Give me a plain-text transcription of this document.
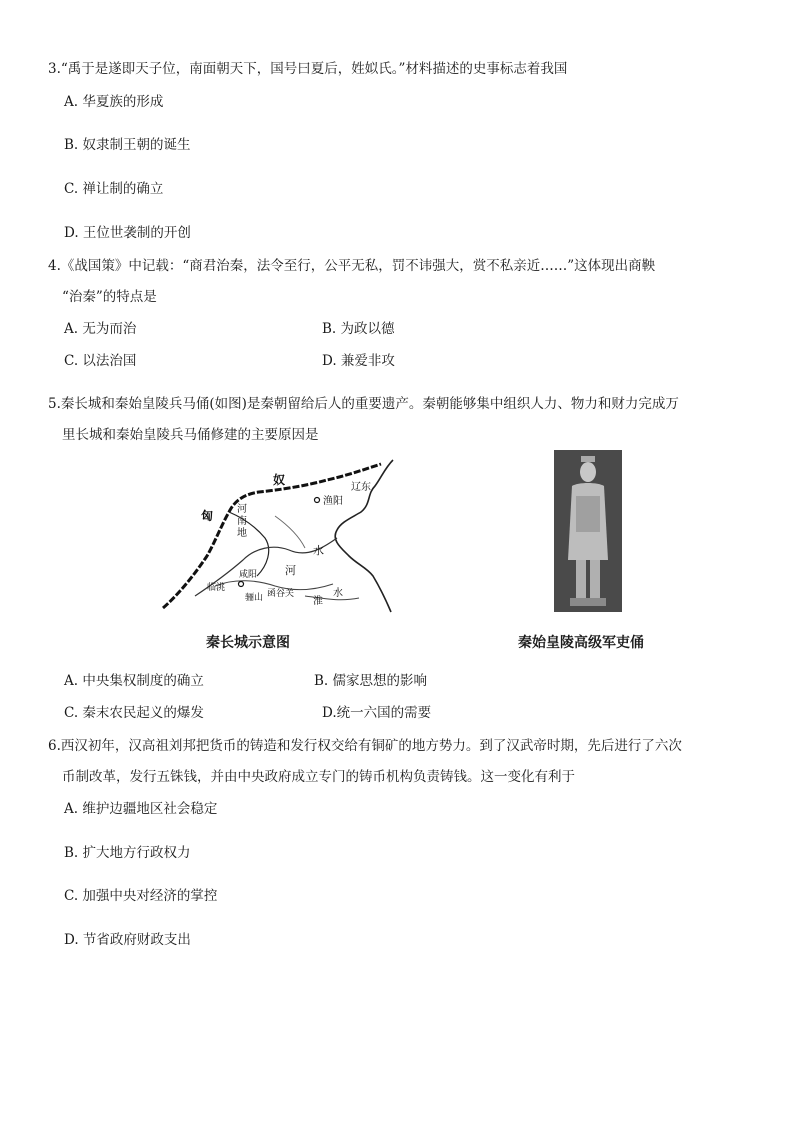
3.“禹于是遂即天子位，南面朝天下，国号曰夏后，姓姒氏。”材料描述的史事标志着我国
A. 华夏族的形成
B. 奴隶制王朝的诞生
C. 禅让制的确立
D. 王位世袭制的开创
4.《战国策》中记载：“商君治秦，法令至行，公平无私，罚不讳强大，赏不私亲近……”这体现出商鞅
“治秦”的特点是
A. 无为而治	B. 为政以德
C. 以法治国	D. 兼爱非攻
5.秦长城和秦始皇陵兵马俑(如图)是秦朝留给后人的重要遗产。秦朝能够集中组织人力、物力和财力完成万
里长城和秦始皇陵兵马俑修建的主要原因是
奴
匈
辽东
渔阳
河
南
地
水
河
咸阳
临洮
骊山 函谷关
淮
水
秦长城示意图	秦始皇陵高级军吏俑
A. 中央集权制度的确立	B. 儒家思想的影响
C. 秦末农民起义的爆发	D.统一六国的需要
6.西汉初年，汉高祖刘邦把货币的铸造和发行权交给有铜矿的地方势力。到了汉武帝时期，先后进行了六次
币制改革，发行五铢钱，并由中央政府成立专门的铸币机构负责铸钱。这一变化有利于
A. 维护边疆地区社会稳定
B. 扩大地方行政权力
C. 加强中央对经济的掌控
D. 节省政府财政支出
